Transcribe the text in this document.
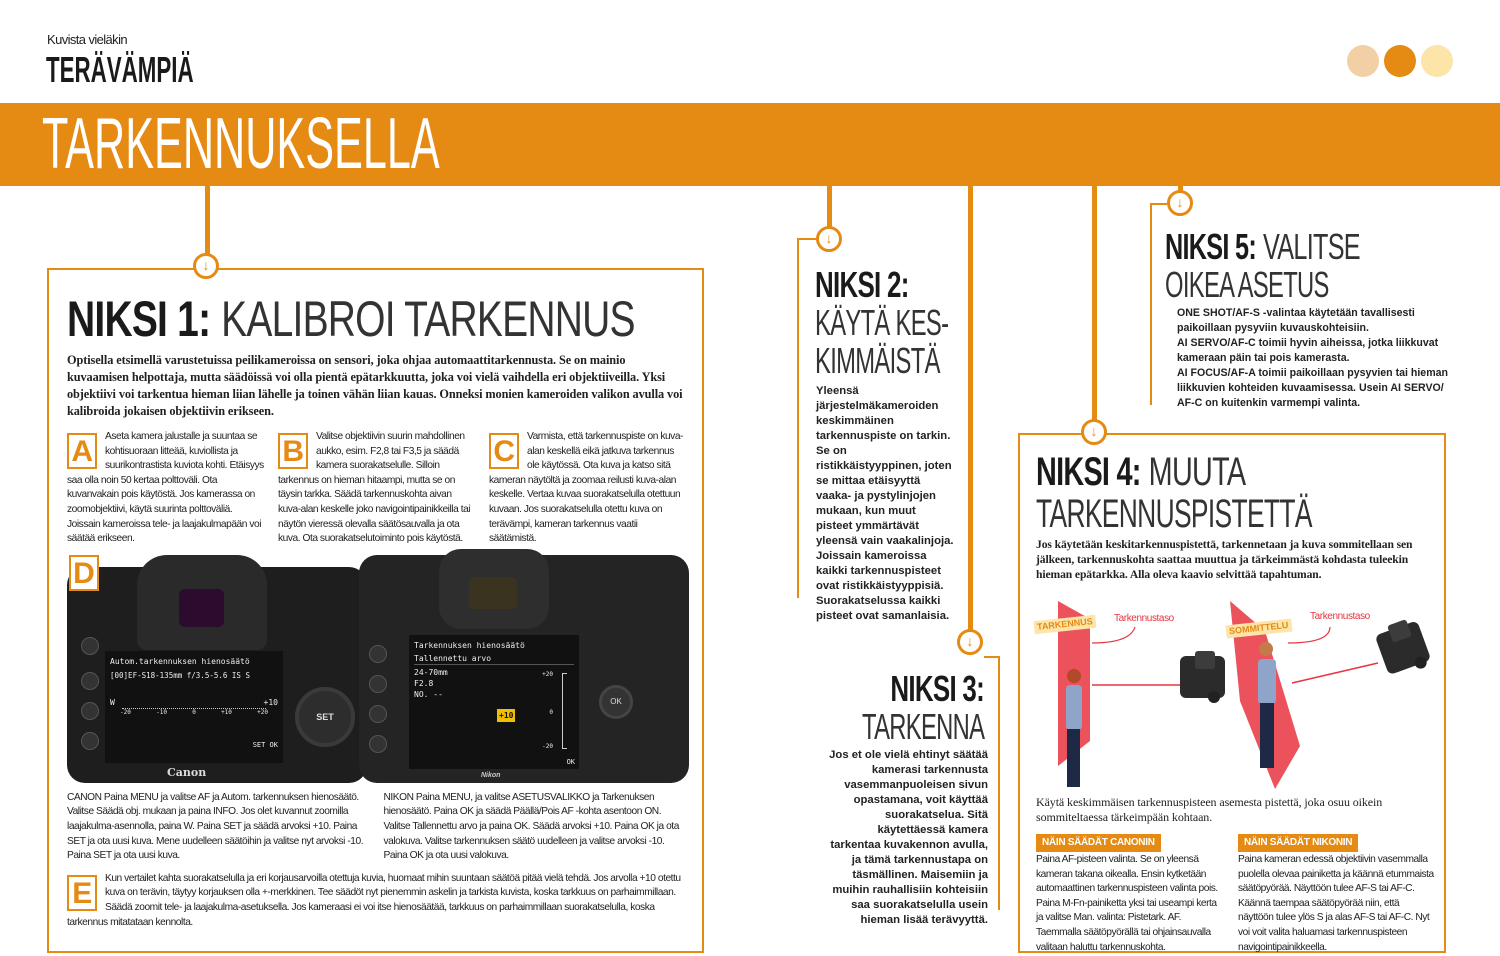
Kuvista vieläkin
TERÄVÄMPIÄ
TARKENNUKSELLA
↓
↓
↓
↓
↓
NIKSI 1: KALIBROI TARKENNUS
Optisella etsimellä varustetuissa peilikameroissa on sensori, joka ohjaa automaattitarkennusta. Se on mainio kuvaamisen helpottaja, mutta säädöissä voi olla pientä epätarkkuutta, joka voi vielä vaihdella eri objektiiveilla. Yksi objektiivi voi tarkentua hieman liian lähelle ja toinen vähän liian kauas. Onneksi monien kameroiden valikon avulla voi kalibroida jokaisen objektiivin erikseen.
A	Aseta kamera jalustalle ja suuntaa se kohtisuoraan litteää, kuviollista ja suurikontrastista kuviota kohti. Etäisyys saa olla noin 50 kertaa polttoväli. Ota kuvanvakain pois käytöstä. Jos kamerassa on zoomobjektiivi, käytä suurinta polttoväliä. Joissain kameroissa tele- ja laajakulmapään voi säätää erikseen.
B	Valitse objektiivin suurin mahdollinen aukko, esim. F2,8 tai F3,5 ja säädä kamera suorakatselulle. Silloin tarkennus on hieman hitaampi, mutta se on täysin tarkka. Säädä tarkennuskohta aivan kuva-alan keskelle joko navigointipainikkeilla tai näytön vieressä olevalla säätösauvalla ja ota kuva. Ota suorakatselutoiminto pois käytöstä.
C	Varmista, että tarkennuspiste on kuva-alan keskellä eikä jatkuva tarkennus ole käytössä. Ota kuva ja katso sitä kameran näytöltä ja zoomaa reilusti kuva-alan keskelle. Vertaa kuvaa suorakatselulla otettuun kuvaan. Jos suorakatselulla otettu kuva on terävämpi, kameran tarkennus vaatii säätämistä.
SET
Autom.tarkennuksen hienosäätö
[00]EF-S18-135mm f/3.5-5.6 IS S
W	+10
-20	-10	0	+10	+20
SET OK
Canon
OK
Tarkennuksen hienosäätö
Tallennettu arvo
24-70mm
F2.8
NO. --
+10
+20
0
-20
OK
Nikon
D
CANON Paina MENU ja valitse AF ja Autom. tarkennuksen hienosäätö. Valitse Säädä obj. mukaan ja paina INFO. Jos olet kuvannut zoomilla laajakulma-asennolla, paina W. Paina SET ja säädä arvoksi +10. Paina SET ja ota uusi kuva. Mene uudelleen säätöihin ja valitse nyt arvoksi -10. Paina SET ja ota uusi kuva.
NIKON Paina MENU, ja valitse ASETUSVALIKKO ja Tarkenuksen hienosäätö. Paina OK ja säädä Päällä/Pois AF -kohta asentoon ON. Valitse Tallennettu arvo ja paina OK. Säädä arvoksi +10. Paina OK ja ota valokuva. Valitse tarkennuksen säätö uudelleen ja valitse arvoksi -10. Paina OK ja ota uusi valokuva.
E	Kun vertailet kahta suorakatselulla ja eri korjausarvoilla otettuja kuvia, huomaat mihin suuntaan säätöä pitää vielä tehdä. Jos arvolla +10 otettu kuva on terävin, täytyy korjauksen olla +-merkkinen. Tee säädöt nyt pienemmin askelin ja tarkista kuvista, koska tarkkuus on parhaimmillaan. Säädä zoomit tele- ja laajakulma-asetuksella. Jos kameraasi ei voi itse hienosäätää, tarkkuus on parhaimmillaan suorakatselulla, koska tarkennus mitatataan kennolta.
NIKSI 2:
KÄYTÄ KES-
KIMMÄISTÄ
Yleensä järjestelmäkameroiden keskimmäinen tarkennuspiste on tarkin. Se on ristikkäistyyppinen, joten se mittaa etäisyyttä vaaka- ja pystylinjojen mukaan, kun muut pisteet ymmärtävät yleensä vain vaakalinjoja. Joissain kameroissa kaikki tarkennuspisteet ovat ristikkäistyyppisiä. Suorakatselussa kaikki pisteet ovat samanlaisia.
NIKSI 3:
TARKENNA
Jos et ole vielä ehtinyt säätää kamerasi tarkennusta vasemmanpuoleisen sivun opastamana, voit käyttää suorakatselua. Sitä käytettäessä kamera tarkentaa kuvakennon avulla, ja tämä tarkennustapa on täsmällinen. Maisemiin ja muihin rauhallisiin kohteisiin saa suorakatselulla usein hieman lisää terävyyttä.
NIKSI 5: VALITSE
OIKEA ASETUS
ONE SHOT/AF-S -valintaa käytetään tavallisesti paikoillaan pysyviin kuvauskohteisiin.
AI SERVO/AF-C toimii hyvin aiheissa, jotka liikkuvat kameraan päin tai pois kamerasta.
AI FOCUS/AF-A toimii paikoillaan pysyvien tai hieman liikkuvien kohteiden kuvaamisessa. Usein AI SERVO/ AF-C on kuitenkin varmempi valinta.
NIKSI 4: MUUTA
TARKENNUSPISTETTÄ
Jos käytetään keskitarkennuspistettä, tarkennetaan ja kuva sommitellaan sen jälkeen, tarkennuskohta saattaa muuttua ja tärkeimmästä kohdasta tuleekin hieman epätarkka. Alla oleva kaavio selvittää tapahtuman.
TARKENNUS	SOMMITTELU
Tarkennustaso	Tarkennustaso
Käytä keskimmäisen tarkennuspisteen asemesta pistettä, joka osuu oikein sommiteltaessa tärkeimpään kohtaan.
NÄIN SÄÄDÄT CANONIN
Paina AF-pisteen valinta. Se on yleensä kameran takana oikealla. Ensin kytketään automaattinen tarkennuspisteen valinta pois. Paina M-Fn-painiketta yksi tai useampi kerta ja valitse Man. valinta: Pistetark. AF. Taemmalla säätöpyörällä tai ohjainsauvalla valitaan haluttu tarkennuskohta.
NÄIN SÄÄDÄT NIKONIN
Paina kameran edessä objektiivin vasemmalla puolella olevaa painiketta ja käännä etummaista säätöpyörää. Näyttöön tulee AF-S tai AF-C. Käännä taempaa säätöpyörää niin, että näyttöön tulee ylös S ja alas AF-S tai AF-C. Nyt voi voit valita haluamasi tarkennuspisteen navigointipainikkeella.
